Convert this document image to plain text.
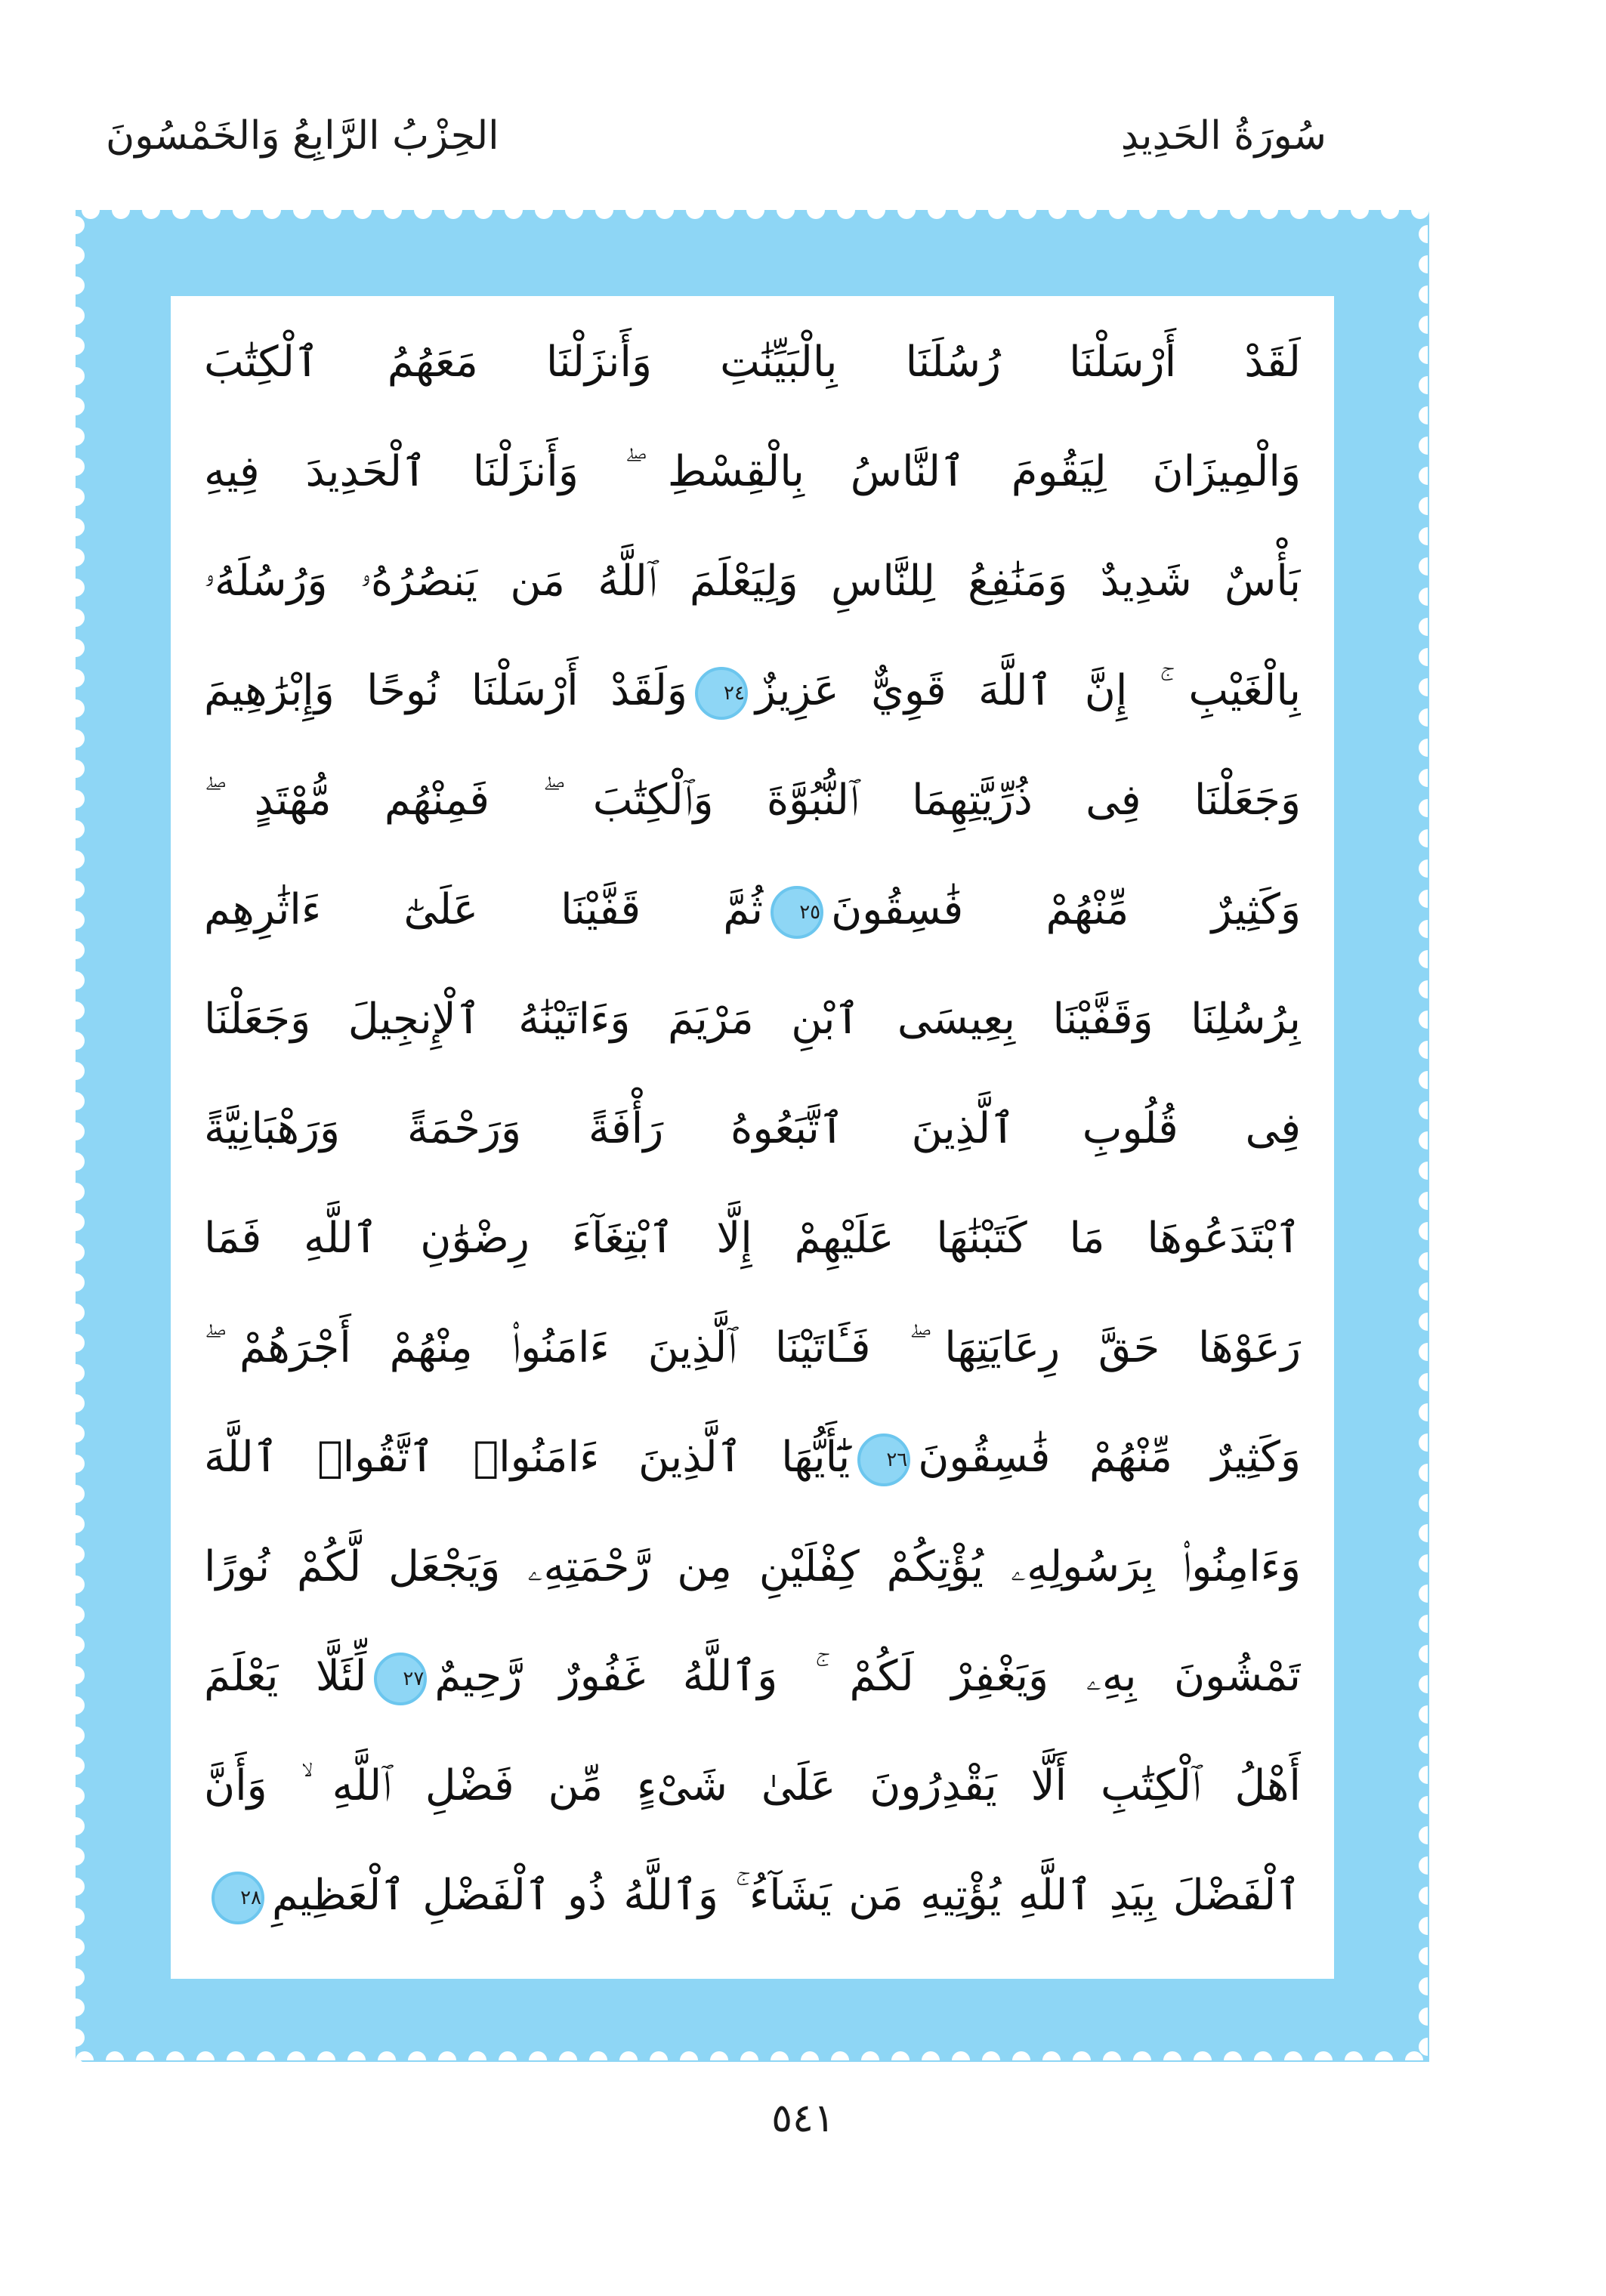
سُورَةُ الحَدِيدِ
الحِزْبُ الرَّابِعُ وَالخَمْسُونَ
لَقَدْ أَرْسَلْنَا رُسُلَنَا بِالْبَيِّنَٰتِ وَأَنزَلْنَا مَعَهُمُ ٱلْكِتَٰبَ
وَالْمِيزَانَ لِيَقُومَ ٱلنَّاسُ بِالْقِسْطِ ۖ وَأَنزَلْنَا ٱلْحَدِيدَ فِيهِ
بَأْسٌ شَدِيدٌ وَمَنَٰفِعُ لِلنَّاسِ وَلِيَعْلَمَ ٱللَّهُ مَن يَنصُرُهُۥ وَرُسُلَهُۥ
بِالْغَيْبِ ۚ إِنَّ ٱللَّهَ قَوِيٌّ عَزِيزٌ٢٤وَلَقَدْ أَرْسَلْنَا نُوحًا وَإِبْرَٰهِيمَ
وَجَعَلْنَا فِى ذُرِّيَّتِهِمَا ٱلنُّبُوَّةَ وَٱلْكِتَٰبَ ۖ فَمِنْهُم مُّهْتَدٍ ۖ
وَكَثِيرٌ مِّنْهُمْ فَٰسِقُونَ٢٥ثُمَّ قَفَّيْنَا عَلَىٰٓ ءَاثَٰرِهِم
بِرُسُلِنَا وَقَفَّيْنَا بِعِيسَى ٱبْنِ مَرْيَمَ وَءَاتَيْنَٰهُ ٱلْإِنجِيلَ وَجَعَلْنَا
فِى قُلُوبِ ٱلَّذِينَ ٱتَّبَعُوهُ رَأْفَةً وَرَحْمَةً وَرَهْبَانِيَّةً
ٱبْتَدَعُوهَا مَا كَتَبْنَٰهَا عَلَيْهِمْ إِلَّا ٱبْتِغَآءَ رِضْوَٰنِ ٱللَّهِ فَمَا
رَعَوْهَا حَقَّ رِعَايَتِهَا ۖ فَـَٔاتَيْنَا ٱلَّذِينَ ءَامَنُوا۟ مِنْهُمْ أَجْرَهُمْ ۖ
وَكَثِيرٌ مِّنْهُمْ فَٰسِقُونَ٢٦يَٰٓأَيُّهَا ٱلَّذِينَ ءَامَنُوا۟ ٱتَّقُوا۟ ٱللَّهَ
وَءَامِنُوا۟ بِرَسُولِهِۦ يُؤْتِكُمْ كِفْلَيْنِ مِن رَّحْمَتِهِۦ وَيَجْعَل لَّكُمْ نُورًا
تَمْشُونَ بِهِۦ وَيَغْفِرْ لَكُمْ ۚ وَٱللَّهُ غَفُورٌ رَّحِيمٌ٢٧لِّئَلَّا يَعْلَمَ
أَهْلُ ٱلْكِتَٰبِ أَلَّا يَقْدِرُونَ عَلَىٰ شَىْءٍ مِّن فَضْلِ ٱللَّهِ ۙ وَأَنَّ
ٱلْفَضْلَ بِيَدِ ٱللَّهِ يُؤْتِيهِ مَن يَشَآءُ ۚ وَٱللَّهُ ذُو ٱلْفَضْلِ ٱلْعَظِيمِ٢٨
٥٤١
